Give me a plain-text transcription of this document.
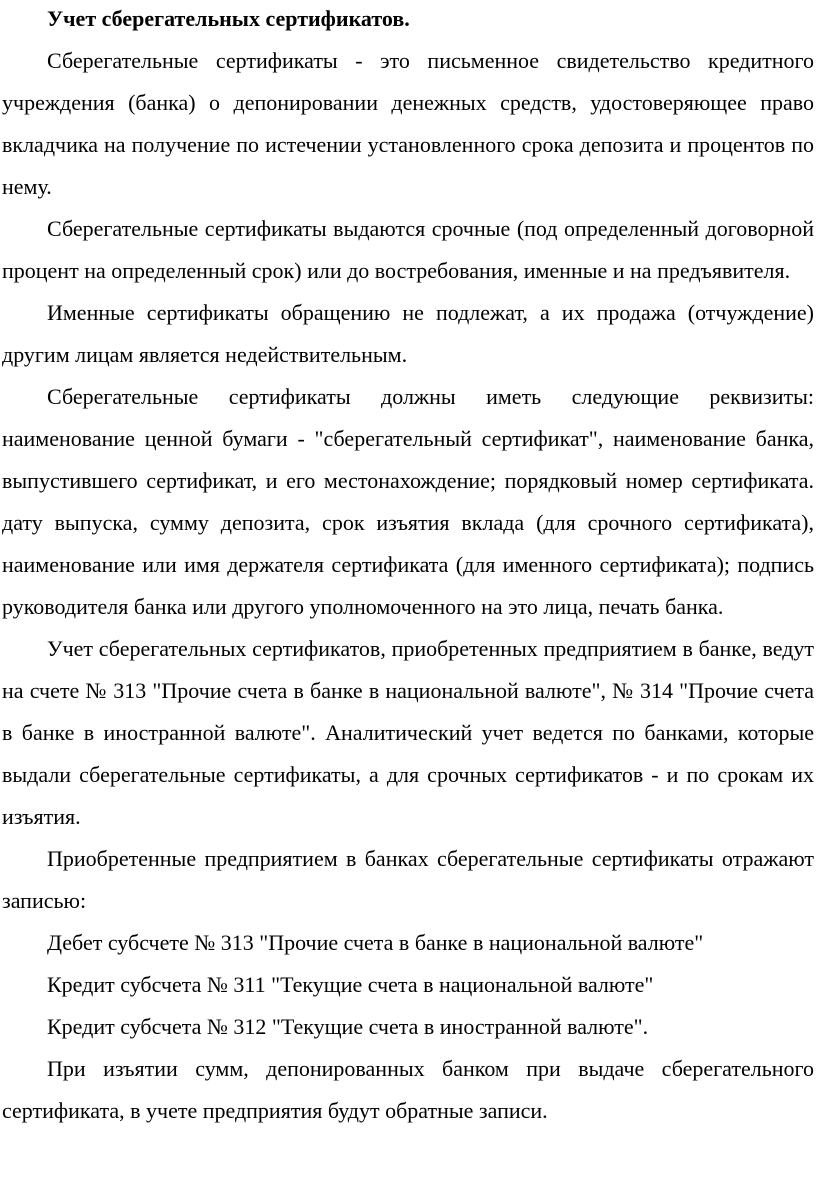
Учет сберегательных сертификатов.

Сберегательные сертификаты - это письменное свидетельство кредитного учреждения (банка) о депонировании денежных средств, удостоверяющее право вкладчика на получение по истечении установленного срока депозита и процентов по нему.

Сберегательные сертификаты выдаются срочные (под определенный договорной процент на определенный срок) или до востребования, именные и на предъявителя.

Именные сертификаты обращению не подлежат, а их продажа (отчуждение) другим лицам является недействительным.

Сберегательные сертификаты должны иметь следующие реквизиты: наименование ценной бумаги - "сберегательный сертификат", наименование банка, выпустившего сертификат, и его местонахождение; порядковый номер сертификата. дату выпуска, сумму депозита, срок изъятия вклада (для срочного сертификата), наименование или имя держателя сертификата (для именного сертификата); подпись руководителя банка или другого уполномоченного на это лица, печать банка.

Учет сберегательных сертификатов, приобретенных предприятием в банке, ведут на счете № 313 "Прочие счета в банке в национальной валюте", № 314 "Прочие счета в банке в иностранной валюте". Аналитический учет ведется по банками, которые выдали сберегательные сертификаты, а для срочных сертификатов - и по срокам их изъятия.

Приобретенные предприятием в банках сберегательные сертификаты отражают записью:

Дебет субсчете № 313 "Прочие счета в банке в национальной валюте"

Кредит субсчета № 311 "Текущие счета в национальной валюте"

Кредит субсчета № 312 "Текущие счета в иностранной валюте".

При изъятии сумм, депонированных банком при выдаче сберегательного сертификата, в учете предприятия будут обратные записи.
